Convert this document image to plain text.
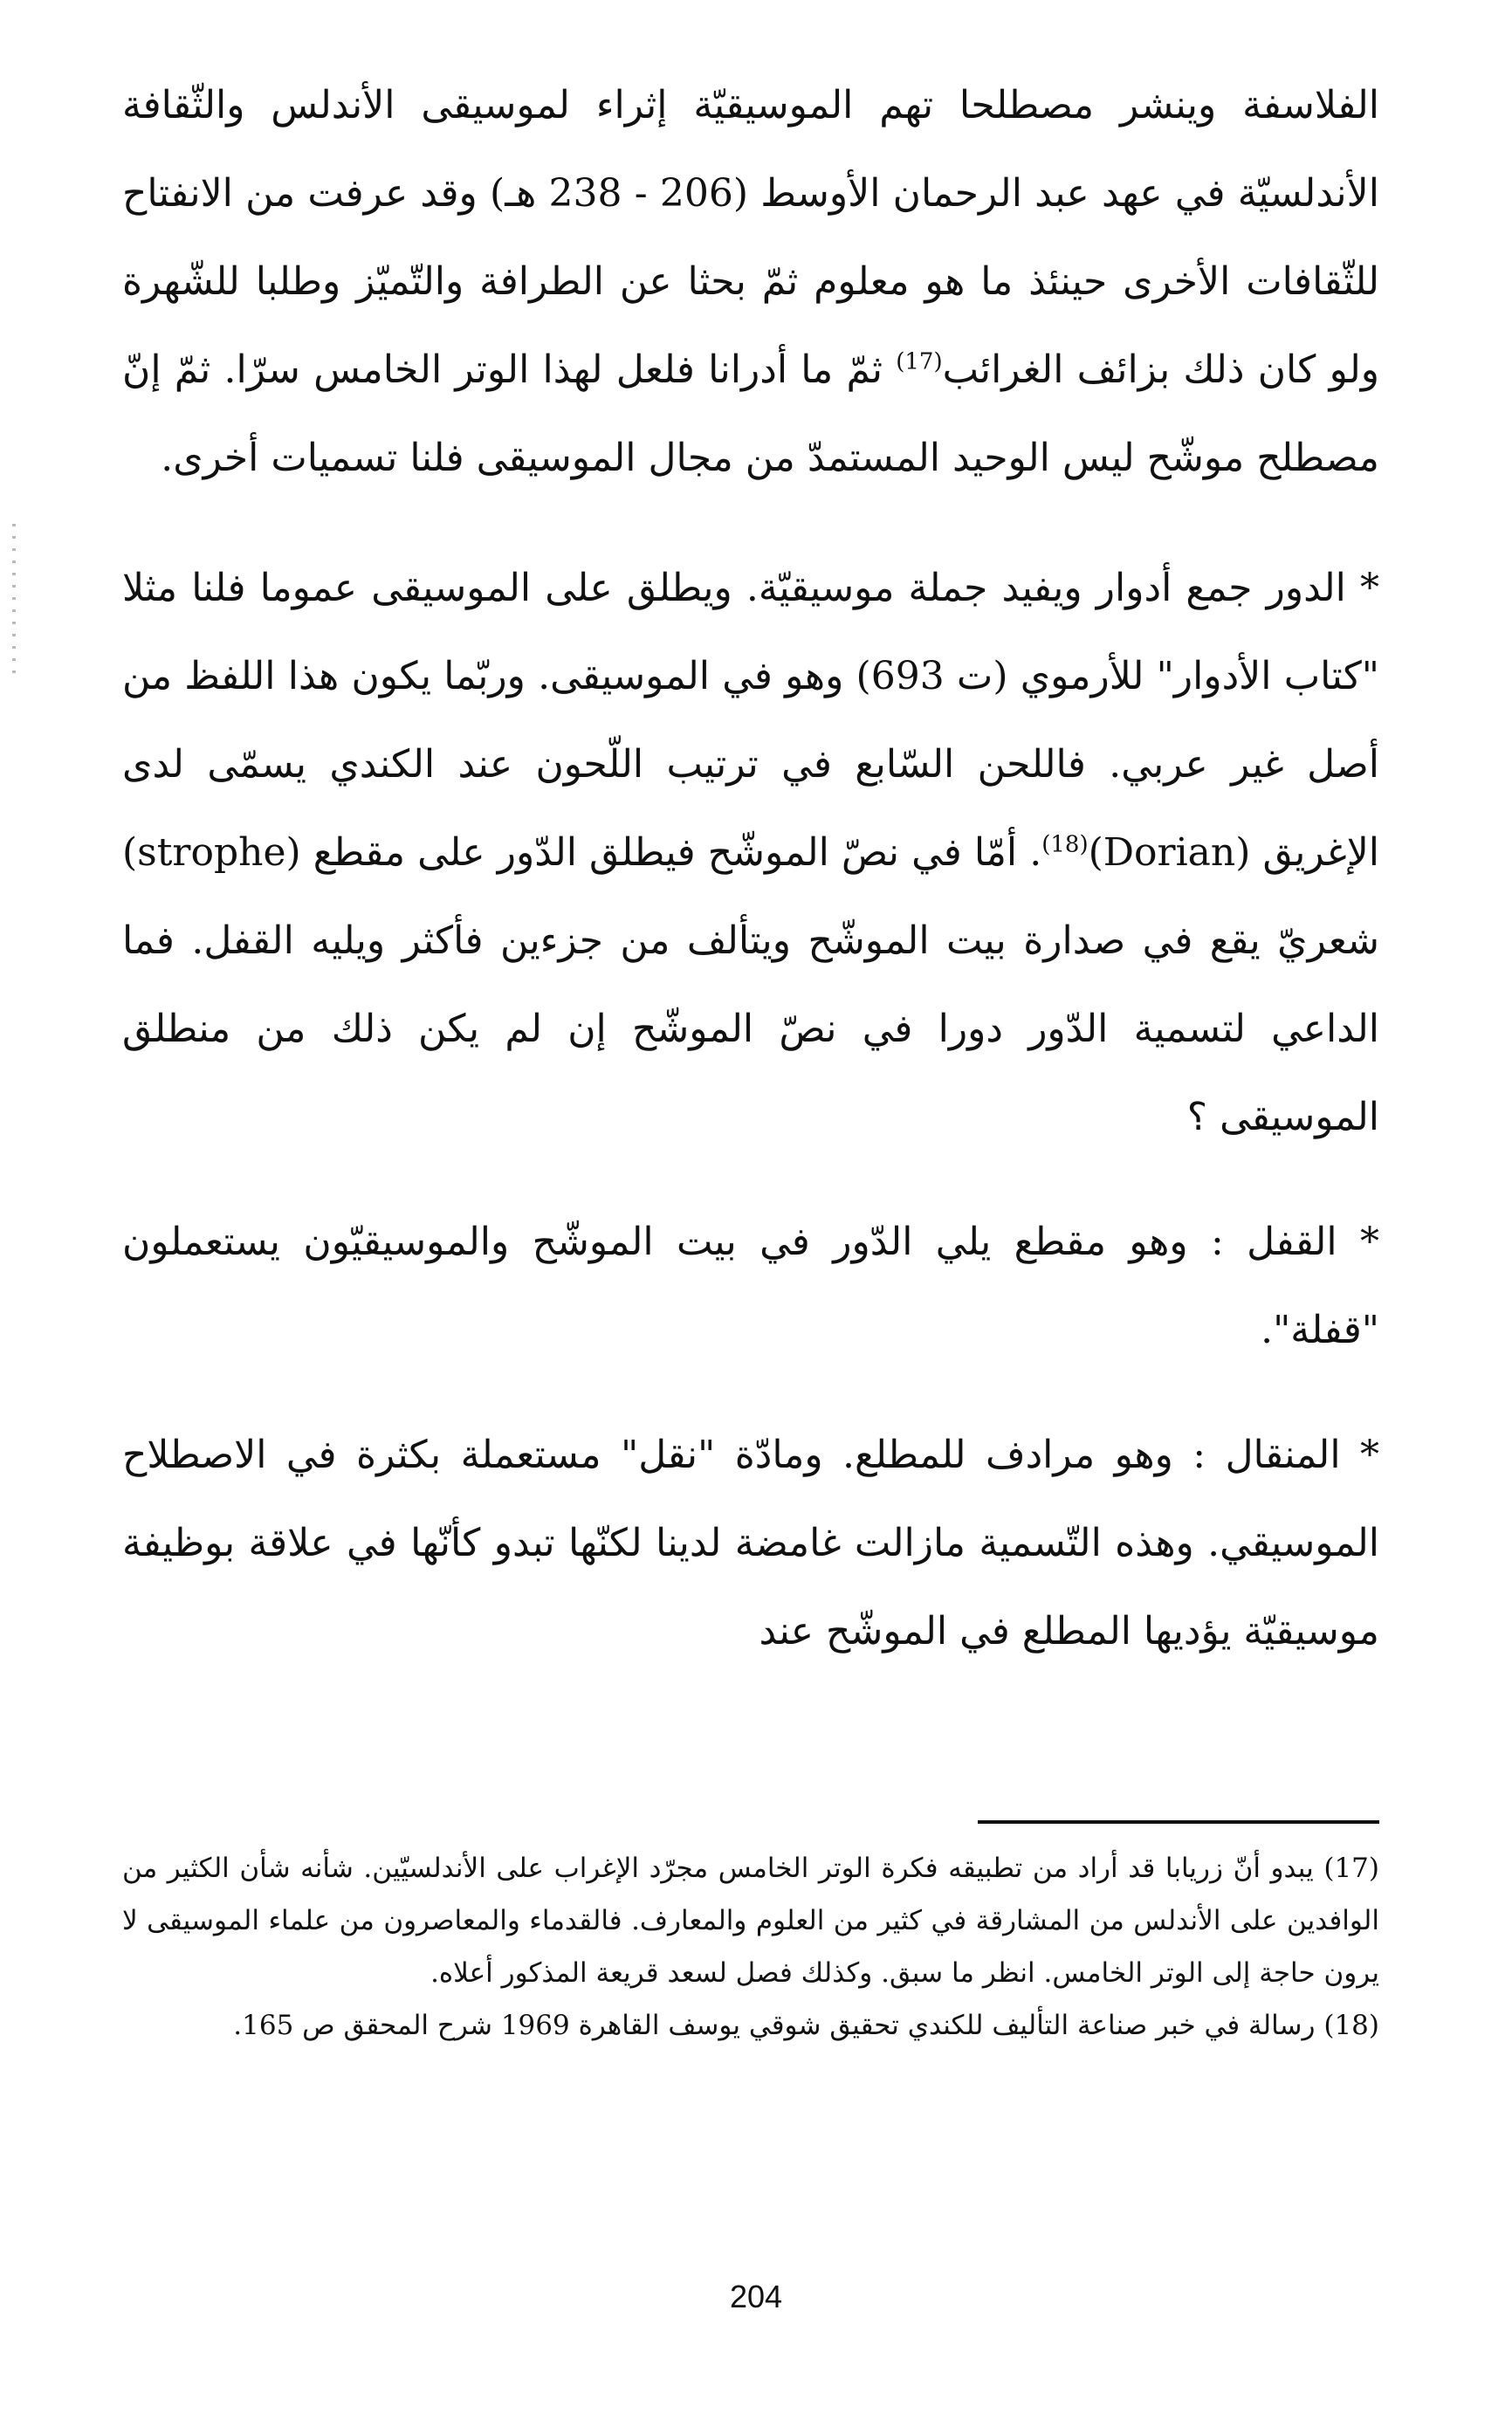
الفلاسفة وينشر مصطلحا تهم الموسيقيّة إثراء لموسيقى الأندلس والثّقافة الأندلسيّة في عهد عبد الرحمان الأوسط (206 - 238 هـ) وقد عرفت من الانفتاح للثّقافات الأخرى حينئذ ما هو معلوم ثمّ بحثا عن الطرافة والتّميّز وطلبا للشّهرة ولو كان ذلك بزائف الغرائب$^{(17)}$ ثمّ ما أدرانا فلعل لهذا الوتر الخامس سرّا. ثمّ إنّ مصطلح موشّح ليس الوحيد المستمدّ من مجال الموسيقى فلنا تسميات أخرى.

* الدور جمع أدوار ويفيد جملة موسيقيّة. ويطلق على الموسيقى عموما فلنا مثلا "كتاب الأدوار" للأرموي (ت 693) وهو في الموسيقى. وربّما يكون هذا اللفظ من أصل غير عربي. فاللحن السّابع في ترتيب اللّحون عند الكندي يسمّى لدى الإغريق (Dorian)$^{(18)}$. أمّا في نصّ الموشّح فيطلق الدّور على مقطع (strophe) شعريّ يقع في صدارة بيت الموشّح ويتألف من جزءين فأكثر ويليه القفل. فما الداعي لتسمية الدّور دورا في نصّ الموشّح إن لم يكن ذلك من منطلق الموسيقى ؟

* القفل : وهو مقطع يلي الدّور في بيت الموشّح والموسيقيّون يستعملون "قفلة".

* المنقال : وهو مرادف للمطلع. ومادّة "نقل" مستعملة بكثرة في الاصطلاح الموسيقي. وهذه التّسمية مازالت غامضة لدينا لكنّها تبدو كأنّها في علاقة بوظيفة موسيقيّة يؤديها المطلع في الموشّح عند

(17) يبدو أنّ زريابا قد أراد من تطبيقه فكرة الوتر الخامس مجرّد الإغراب على الأندلسيّين. شأنه شأن الكثير من الوافدين على الأندلس من المشارقة في كثير من العلوم والمعارف. فالقدماء والمعاصرون من علماء الموسيقى لا يرون حاجة إلى الوتر الخامس. انظر ما سبق. وكذلك فصل لسعد قريعة المذكور أعلاه.

(18) رسالة في خبر صناعة التأليف للكندي تحقيق شوقي يوسف القاهرة 1969 شرح المحقق ص 165.

204
